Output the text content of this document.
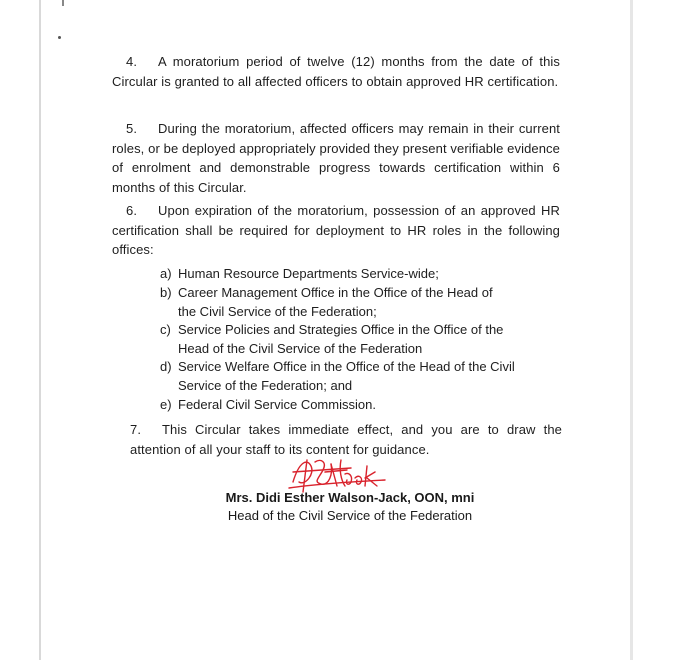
4. A moratorium period of twelve (12) months from the date of this Circular is granted to all affected officers to obtain approved HR certification.
5. During the moratorium, affected officers may remain in their current roles, or be deployed appropriately provided they present verifiable evidence of enrolment and demonstrable progress towards certification within 6 months of this Circular.
6. Upon expiration of the moratorium, possession of an approved HR certification shall be required for deployment to HR roles in the following offices:
a) Human Resource Departments Service-wide;
b) Career Management Office in the Office of the Head of
the Civil Service of the Federation;
c) Service Policies and Strategies Office in the Office of the
Head of the Civil Service of the Federation
d) Service Welfare Office in the Office of the Head of the Civil
Service of the Federation; and
e) Federal Civil Service Commission.
7. This Circular takes immediate effect, and you are to draw the attention of all your staff to its content for guidance.
Mrs. Didi Esther Walson-Jack, OON, mni
Head of the Civil Service of the Federation
